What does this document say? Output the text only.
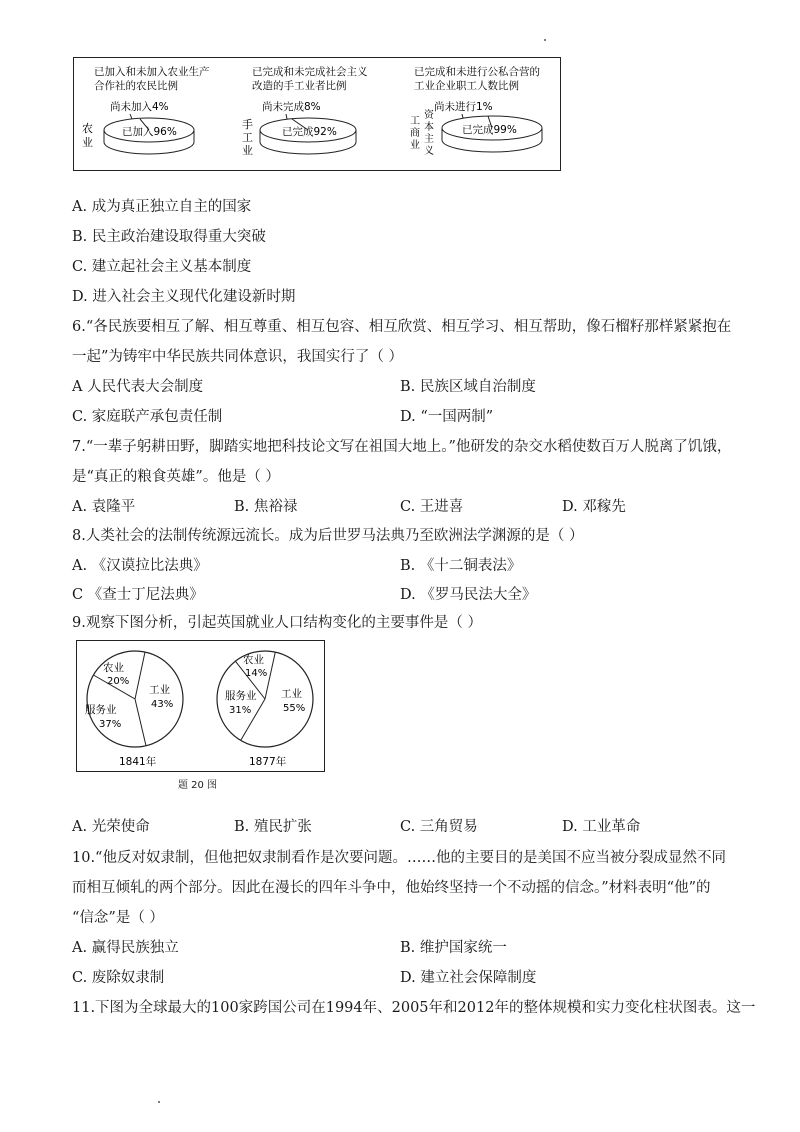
已加入和未加入农业生产
合作社的农民比例
尚未加入4%
已加入96%
农
业
已完成和未完成社会主义
改造的手工业者比例
尚未完成8%
已完成92%
手
工
业
已完成和未进行公私合营的
工业企业职工人数比例
尚未进行1%
已完成99%
工
商
业
资
本
主
义
A. 成为真正独立自主的国家
B. 民主政治建设取得重大突破
C. 建立起社会主义基本制度
D. 进入社会主义现代化建设新时期
6.“各民族要相互了解、相互尊重、相互包容、相互欣赏、相互学习、相互帮助，像石榴籽那样紧紧抱在
一起”为铸牢中华民族共同体意识，我国实行了（ ）
A 人民代表大会制度	B. 民族区域自治制度
C. 家庭联产承包责任制	D. “一国两制”
7.“一辈子躬耕田野，脚踏实地把科技论文写在祖国大地上。”他研发的杂交水稻使数百万人脱离了饥饿，
是“真正的粮食英雄”。他是（ ）
A. 袁隆平	B. 焦裕禄	C. 王进喜	D. 邓稼先
8.人类社会的法制传统源远流长。成为后世罗马法典乃至欧洲法学渊源的是（ ）
A. 《汉谟拉比法典》	B. 《十二铜表法》
C 《查士丁尼法典》	D. 《罗马民法大全》
9.观察下图分析，引起英国就业人口结构变化的主要事件是（ ）
农业
20%
工业
43%
服务业
37%
1841年
农业
14%
工业
55%
服务业
31%
1877年
题 20 图
A. 光荣使命	B. 殖民扩张	C. 三角贸易	D. 工业革命
10.“他反对奴隶制，但他把奴隶制看作是次要问题。……他的主要目的是美国不应当被分裂成显然不同
而相互倾轧的两个部分。因此在漫长的四年斗争中，他始终坚持一个不动摇的信念。”材料表明“他”的
“信念”是（ ）
A. 赢得民族独立	B. 维护国家统一
C. 废除奴隶制	D. 建立社会保障制度
11.下图为全球最大的100家跨国公司在1994年、2005年和2012年的整体规模和实力变化柱状图表。这一
